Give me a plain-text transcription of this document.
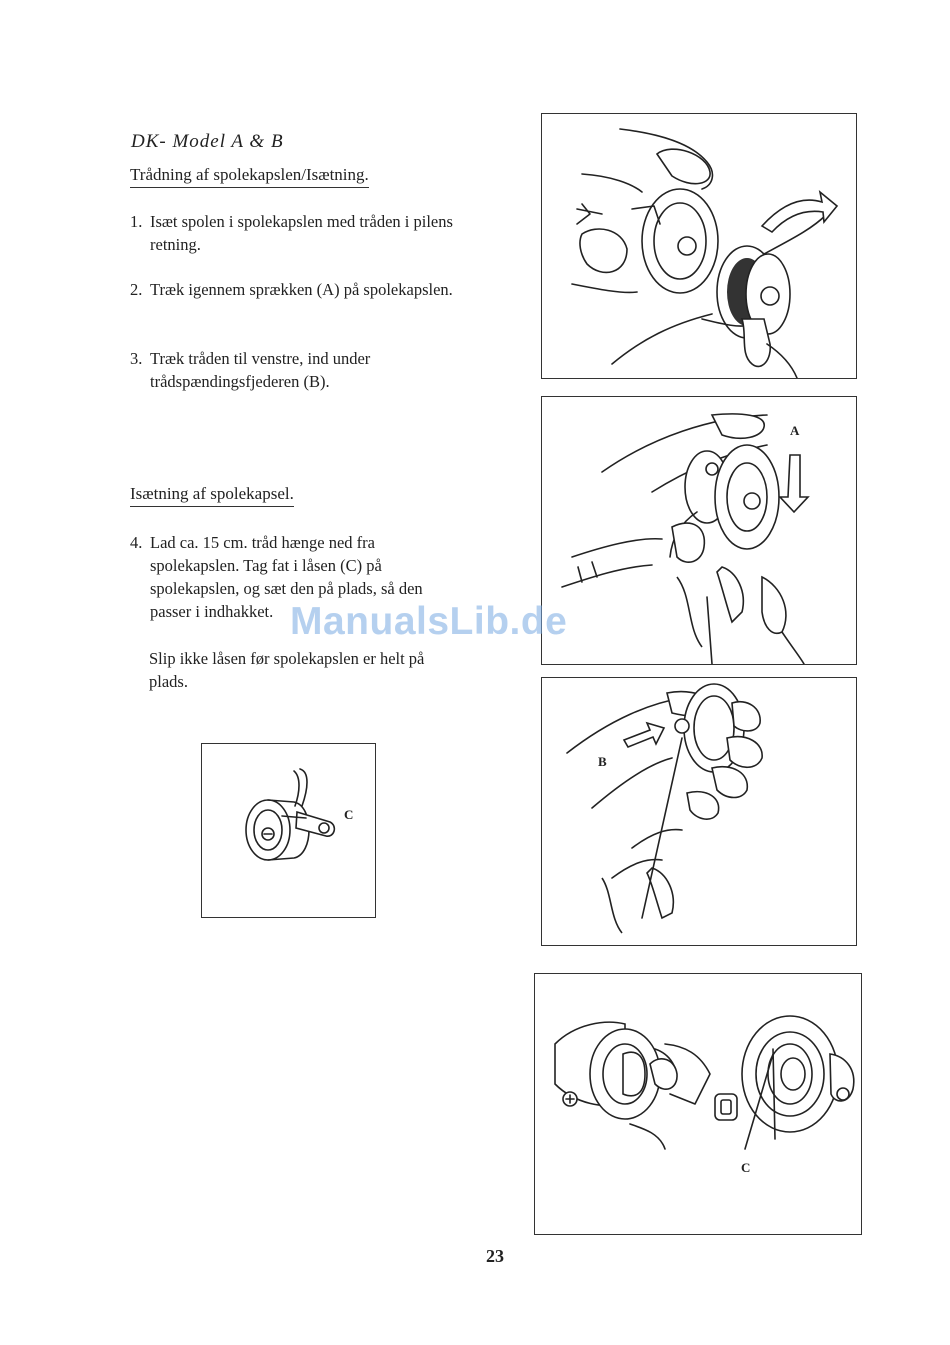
DK- Model A & B
Trådning af spolekapslen/Isætning.
1. Isæt spolen i spolekapslen med tråden i pilens retning.
2. Træk igennem sprækken (A) på spolekapslen.
3. Træk tråden til venstre, ind under trådspændingsfjederen (B).
Isætning af spolekapsel.
4. Lad ca. 15 cm. tråd hænge ned fra spolekapslen. Tag fat i låsen (C) på spolekapslen, og sæt den på plads, så den passer i indhakket.
Slip ikke låsen før spolekapslen er helt på plads.
C
A
B
C
23
ManualsLib.de
